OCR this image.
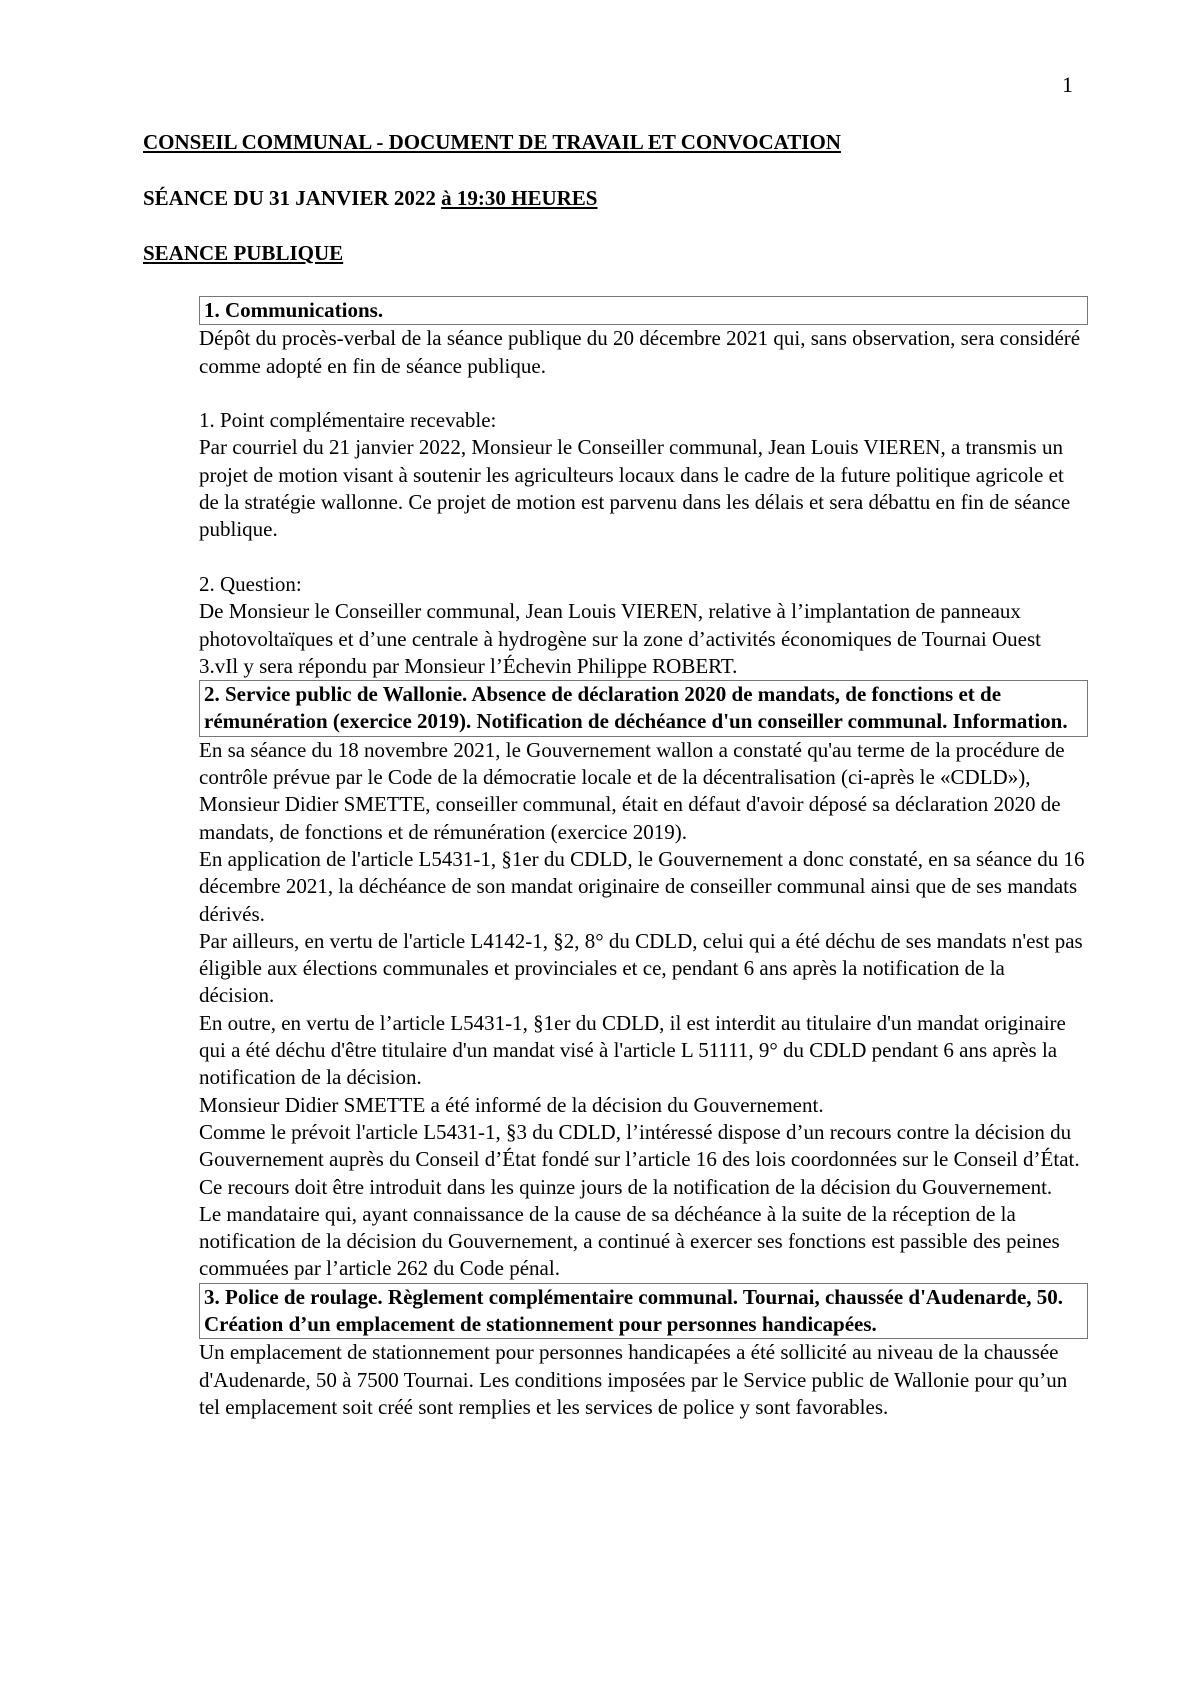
1
CONSEIL COMMUNAL - DOCUMENT DE TRAVAIL ET CONVOCATION
SÉANCE DU 31 JANVIER 2022 à 19:30 HEURES
SEANCE PUBLIQUE
1. Communications.

Dépôt du procès-verbal de la séance publique du 20 décembre 2021 qui, sans observation, sera considéré comme adopté en fin de séance publique.

1. Point complémentaire recevable:

Par courriel du 21 janvier 2022, Monsieur le Conseiller communal, Jean Louis VIEREN, a transmis un projet de motion visant à soutenir les agriculteurs locaux dans le cadre de la future politique agricole et de la stratégie wallonne. Ce projet de motion est parvenu dans les délais et sera débattu en fin de séance publique.

2. Question:

De Monsieur le Conseiller communal, Jean Louis VIEREN, relative à l’implantation de panneaux photovoltaïques et d’une centrale à hydrogène sur la zone d’activités économiques de Tournai Ouest 3.vIl y sera répondu par Monsieur l’Échevin Philippe ROBERT.

2. Service public de Wallonie. Absence de déclaration 2020 de mandats, de fonctions et de rémunération (exercice 2019). Notification de déchéance d'un conseiller communal. Information.

En sa séance du 18 novembre 2021, le Gouvernement wallon a constaté qu'au terme de la procédure de contrôle prévue par le Code de la démocratie locale et de la décentralisation (ci-après le «CDLD»), Monsieur Didier SMETTE, conseiller communal, était en défaut d'avoir déposé sa déclaration 2020 de mandats, de fonctions et de rémunération (exercice 2019).

En application de l'article L5431-1, §1er du CDLD, le Gouvernement a donc constaté, en sa séance du 16 décembre 2021, la déchéance de son mandat originaire de conseiller communal ainsi que de ses mandats dérivés.

Par ailleurs, en vertu de l'article L4142-1, §2, 8° du CDLD, celui qui a été déchu de ses mandats n'est pas éligible aux élections communales et provinciales et ce, pendant 6 ans après la notification de la décision.

En outre, en vertu de l’article L5431-1, §1er du CDLD, il est interdit au titulaire d'un mandat originaire qui a été déchu d'être titulaire d'un mandat visé à l'article L 51111, 9° du CDLD pendant 6 ans après la notification de la décision.

Monsieur Didier SMETTE a été informé de la décision du Gouvernement.

Comme le prévoit l'article L5431-1, §3 du CDLD, l’intéressé dispose d’un recours contre la décision du Gouvernement auprès du Conseil d’État fondé sur l’article 16 des lois coordonnées sur le Conseil d’État. Ce recours doit être introduit dans les quinze jours de la notification de la décision du Gouvernement.

Le mandataire qui, ayant connaissance de la cause de sa déchéance à la suite de la réception de la notification de la décision du Gouvernement, a continué à exercer ses fonctions est passible des peines commuées par l’article 262 du Code pénal.

3. Police de roulage. Règlement complémentaire communal. Tournai, chaussée d'Audenarde, 50. Création d’un emplacement de stationnement pour personnes handicapées.

Un emplacement de stationnement pour personnes handicapées a été sollicité au niveau de la chaussée d'Audenarde, 50 à 7500 Tournai. Les conditions imposées par le Service public de Wallonie pour qu’un tel emplacement soit créé sont remplies et les services de police y sont favorables.
